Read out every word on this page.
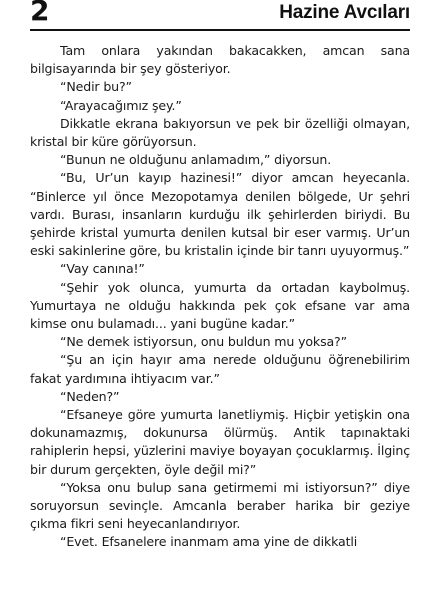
2	Hazine Avcıları

Tam onlara yakından bakacakken, amcan sana bilgisayarında bir şey gösteriyor.

“Nedir bu?”

“Arayacağımız şey.”

Dikkatle ekrana bakıyorsun ve pek bir özelliği olmayan, kristal bir küre görüyorsun.

“Bunun ne olduğunu anlamadım,” diyorsun.

“Bu, Ur’un kayıp hazinesi!” diyor amcan heyecanla. “Binlerce yıl önce Mezopotamya denilen bölgede, Ur şehri vardı. Burası, insanların kurduğu ilk şehirlerden biriydi. Bu şehirde kristal yumurta denilen kutsal bir eser varmış. Ur’un eski sakinlerine göre, bu kristalin içinde bir tanrı uyuyormuş.”

“Vay canına!”

“Şehir yok olunca, yumurta da ortadan kaybolmuş. Yumurtaya ne olduğu hakkında pek çok efsane var ama kimse onu bulamadı... yani bugüne kadar.”

“Ne demek istiyorsun, onu buldun mu yoksa?”

“Şu an için hayır ama nerede olduğunu öğrenebilirim fakat yardımına ihtiyacım var.”

“Neden?”

“Efsaneye göre yumurta lanetliymiş. Hiçbir yetişkin ona dokunamazmış, dokunursa ölürmüş. Antik tapınaktaki rahiplerin hepsi, yüzlerini maviye boyayan çocuklarmış. İlginç bir durum gerçekten, öyle değil mi?”

“Yoksa onu bulup sana getirmemi mi istiyorsun?” diye soruyorsun sevinçle. Amcanla beraber harika bir geziye çıkma fikri seni heyecanlandırıyor.

“Evet. Efsanelere inanmam ama yine de dikkatli
